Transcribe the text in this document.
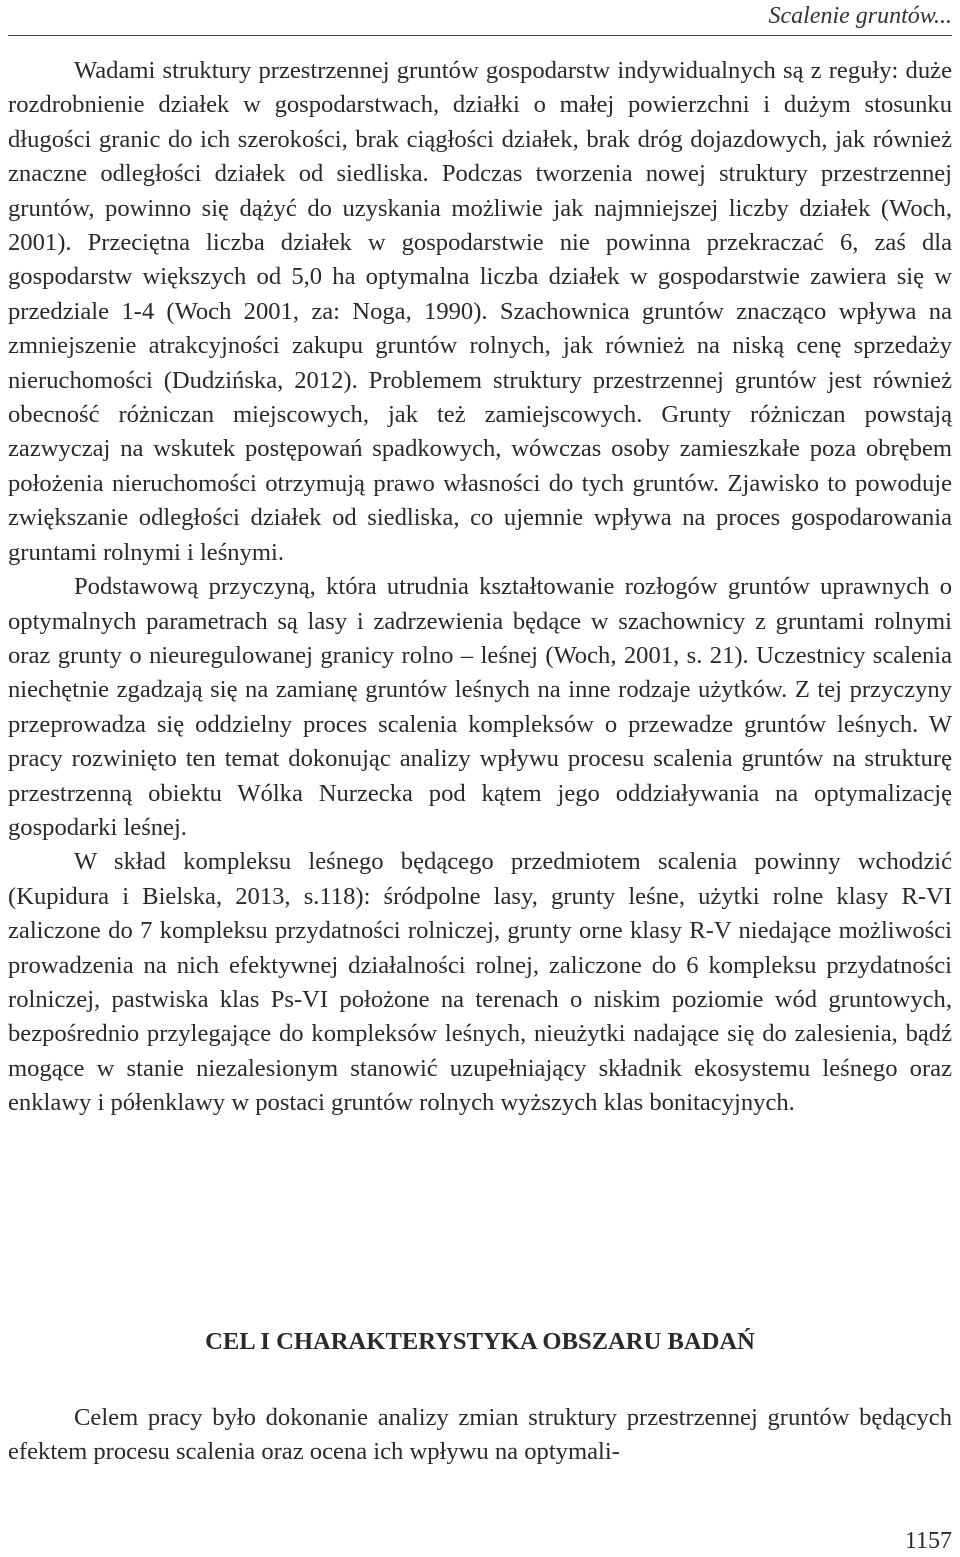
Scalenie gruntów...

Wadami struktury przestrzennej gruntów gospodarstw indywidualnych są z reguły: duże rozdrobnienie działek w gospodarstwach, działki o małej powierzchni i dużym stosunku długości granic do ich szerokości, brak ciągłości działek, brak dróg dojazdowych, jak również znaczne odległości działek od siedliska. Podczas tworzenia nowej struktury przestrzennej gruntów, powinno się dążyć do uzyskania możliwie jak najmniejszej liczby działek (Woch, 2001). Przeciętna liczba działek w gospodarstwie nie powinna przekraczać 6, zaś dla gospodarstw większych od 5,0 ha optymalna liczba działek w gospodarstwie zawiera się w przedziale 1-4 (Woch 2001, za: Noga, 1990). Szachownica gruntów znacząco wpływa na zmniejszenie atrakcyjności zakupu gruntów rolnych, jak również na niską cenę sprzedaży nieruchomości (Dudzińska, 2012). Problemem struktury przestrzennej gruntów jest również obecność różniczan miejscowych, jak też zamiejscowych. Grunty różniczan powstają zazwyczaj na wskutek postępowań spadkowych, wówczas osoby zamieszkałe poza obrębem położenia nieruchomości otrzymują prawo własności do tych gruntów. Zjawisko to powoduje zwiększanie odległości działek od siedliska, co ujemnie wpływa na proces gospodarowania gruntami rolnymi i leśnymi.

Podstawową przyczyną, która utrudnia kształtowanie rozłogów gruntów uprawnych o optymalnych parametrach są lasy i zadrzewienia będące w szachownicy z gruntami rolnymi oraz grunty o nieuregulowanej granicy rolno – leśnej (Woch, 2001, s. 21). Uczestnicy scalenia niechętnie zgadzają się na zamianę gruntów leśnych na inne rodzaje użytków. Z tej przyczyny przeprowadza się oddzielny proces scalenia kompleksów o przewadze gruntów leśnych. W pracy rozwinięto ten temat dokonując analizy wpływu procesu scalenia gruntów na strukturę przestrzenną obiektu Wólka Nurzecka pod kątem jego oddziaływania na optymalizację gospodarki leśnej.

W skład kompleksu leśnego będącego przedmiotem scalenia powinny wchodzić (Kupidura i Bielska, 2013, s.118): śródpolne lasy, grunty leśne, użytki rolne klasy R-VI zaliczone do 7 kompleksu przydatności rolniczej, grunty orne klasy R-V niedające możliwości prowadzenia na nich efektywnej działalności rolnej, zaliczone do 6 kompleksu przydatności rolniczej, pastwiska klas Ps-VI położone na terenach o niskim poziomie wód gruntowych, bezpośrednio przylegające do kompleksów leśnych, nieużytki nadające się do zalesienia, bądź mogące w stanie niezalesionym stanowić uzupełniający składnik ekosystemu leśnego oraz enklawy i półenklawy w postaci gruntów rolnych wyższych klas bonitacyjnych.

CEL I CHARAKTERYSTYKA OBSZARU BADAŃ

Celem pracy było dokonanie analizy zmian struktury przestrzennej gruntów będących efektem procesu scalenia oraz ocena ich wpływu na optymali-

1157
